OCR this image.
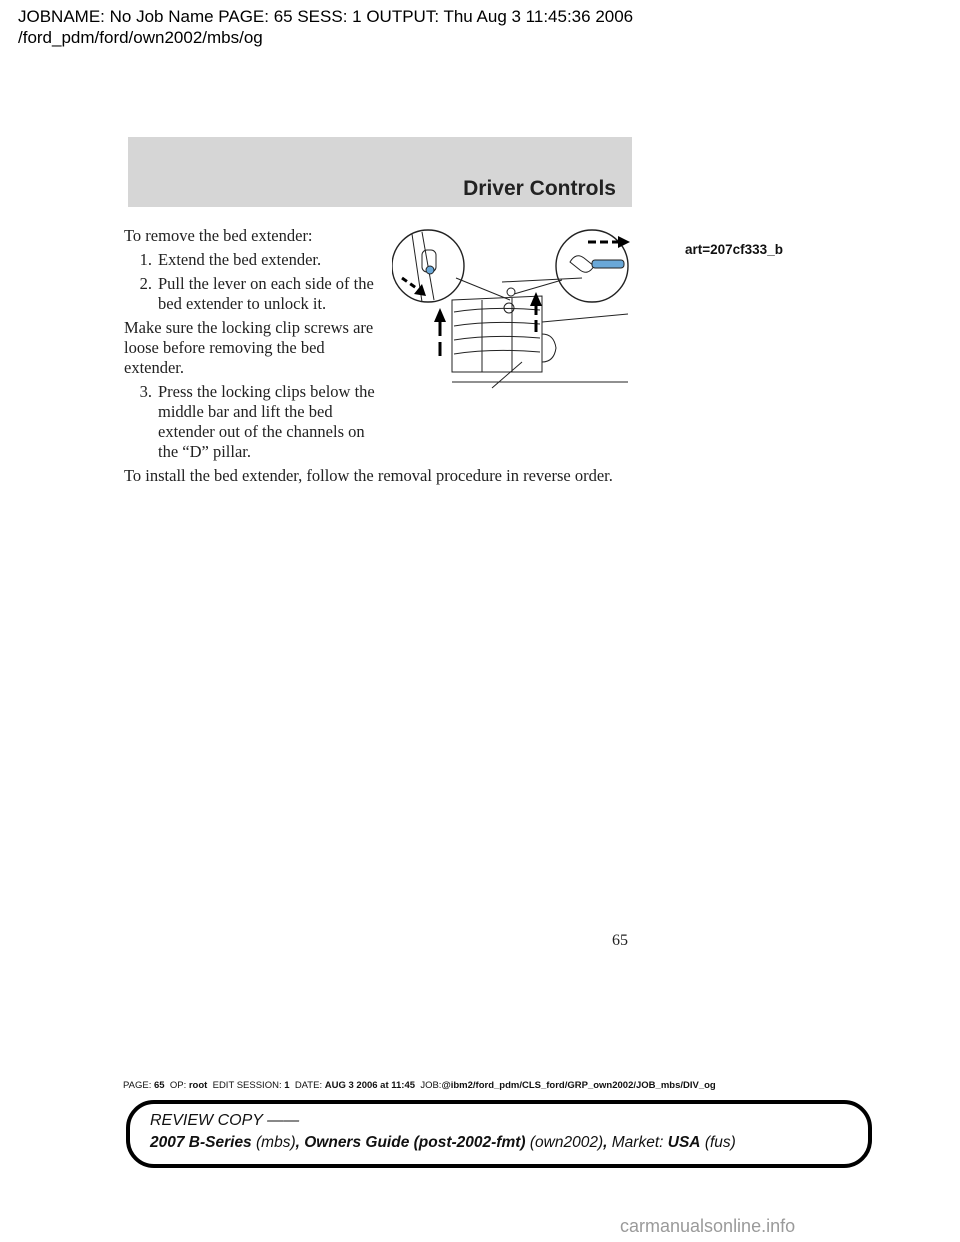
JOBNAME: No Job Name PAGE: 65 SESS: 1 OUTPUT: Thu Aug 3 11:45:36 2006
/ford_pdm/ford/own2002/mbs/og
Driver Controls

To remove the bed extender:

1. Extend the bed extender.
2. Pull the lever on each side of the bed extender to unlock it.

Make sure the locking clip screws are loose before removing the bed extender.

3. Press the locking clips below the middle bar and lift the bed extender out of the channels on the “D” pillar.

To install the bed extender, follow the removal procedure in reverse order.

art=207cf333_b
65
PAGE: 65 OP: root EDIT SESSION: 1 DATE: AUG 3 2006 at 11:45 JOB:@ibm2/ford_pdm/CLS_ford/GRP_own2002/JOB_mbs/DIV_og
REVIEW COPY ——
2007 B-Series (mbs), Owners Guide (post-2002-fmt) (own2002), Market: USA (fus)
carmanualsonline.info
